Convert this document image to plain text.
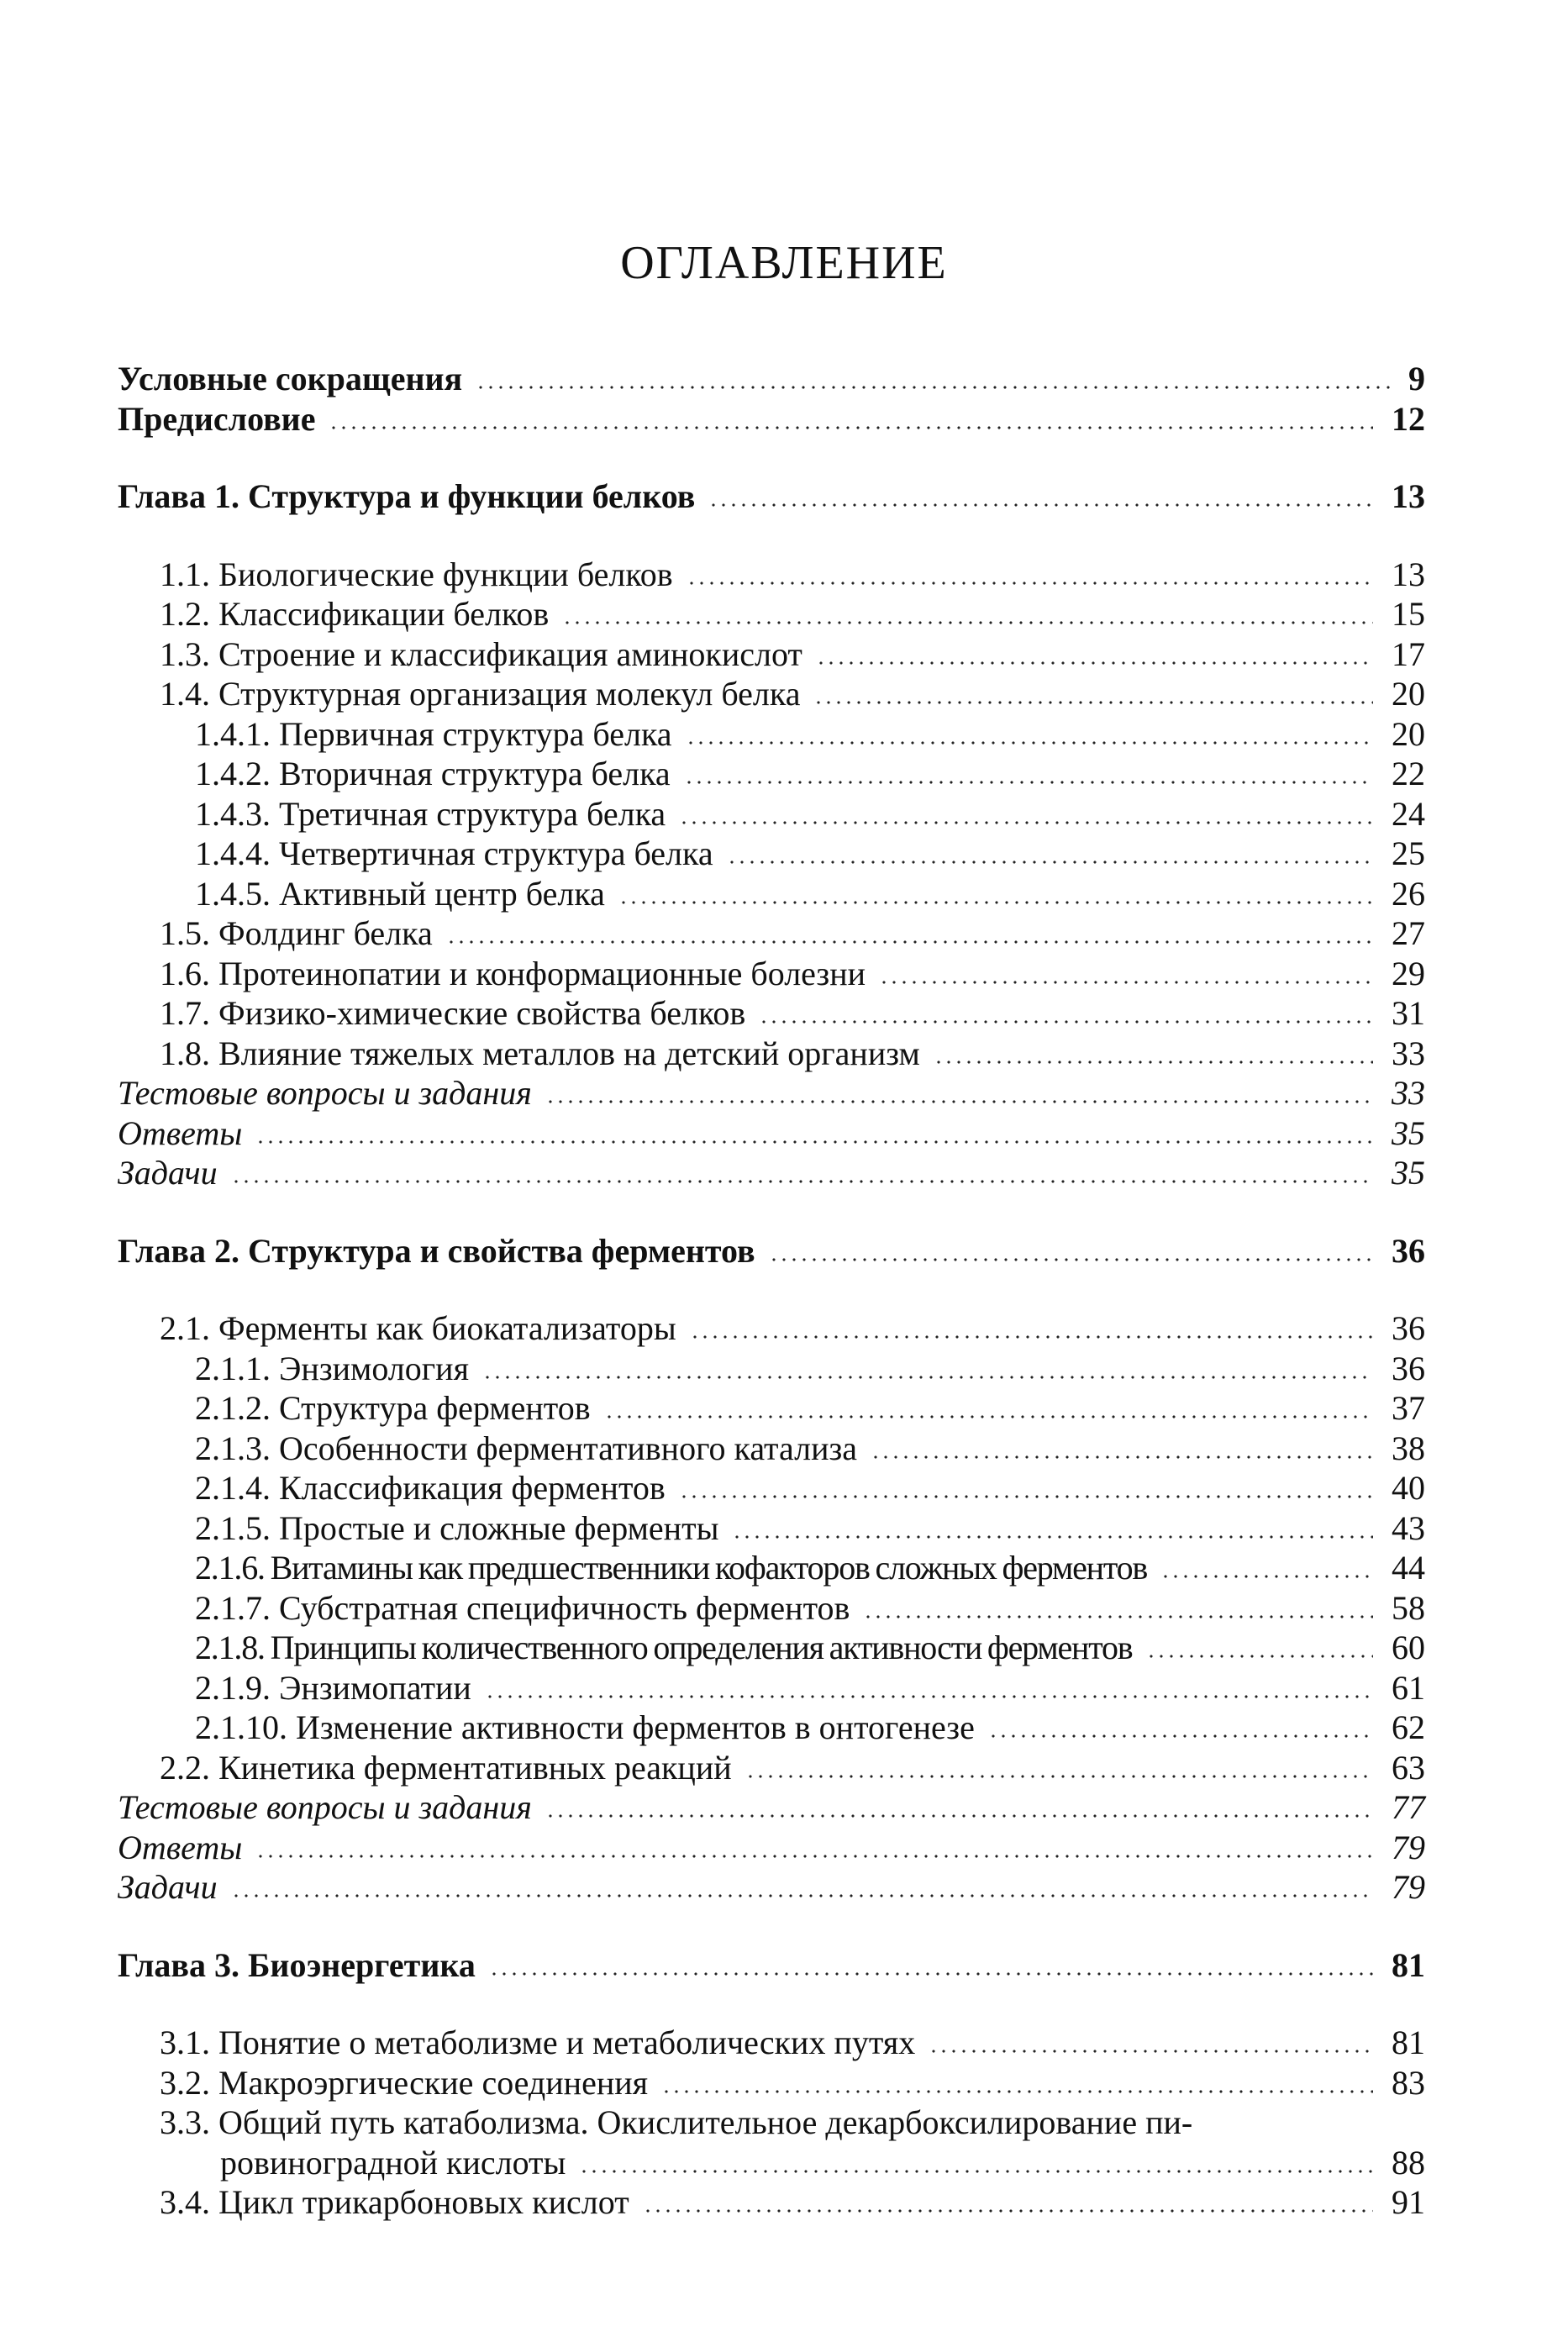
ОГЛАВЛЕНИЕ
Условные сокращения	9
Предисловие	12
Глава 1. Структура и функции белков	13
1.1. Биологические функции белков	13
1.2. Классификации белков	15
1.3. Строение и классификация аминокислот	17
1.4. Структурная организация молекул белка	20
1.4.1. Первичная структура белка	20
1.4.2. Вторичная структура белка	22
1.4.3. Третичная структура белка	24
1.4.4. Четвертичная структура белка	25
1.4.5. Активный центр белка	26
1.5. Фолдинг белка	27
1.6. Протеинопатии и конформационные болезни	29
1.7. Физико-химические свойства белков	31
1.8. Влияние тяжелых металлов на детский организм	33
Тестовые вопросы и задания	33
Ответы	35
Задачи	35
Глава 2. Структура и свойства ферментов	36
2.1. Ферменты как биокатализаторы	36
2.1.1. Энзимология	36
2.1.2. Структура ферментов	37
2.1.3. Особенности ферментативного катализа	38
2.1.4. Классификация ферментов	40
2.1.5. Простые и сложные ферменты	43
2.1.6. Витамины как предшественники кофакторов сложных ферментов	44
2.1.7. Субстратная специфичность ферментов	58
2.1.8. Принципы количественного определения активности ферментов	60
2.1.9. Энзимопатии	61
2.1.10. Изменение активности ферментов в онтогенезе	62
2.2. Кинетика ферментативных реакций	63
Тестовые вопросы и задания	77
Ответы	79
Задачи	79
Глава 3. Биоэнергетика	81
3.1. Понятие о метаболизме и метаболических путях	81
3.2. Макроэргические соединения	83
3.3. Общий путь катаболизма. Окислительное декарбоксилирование пи-
ровиноградной кислоты	88
3.4. Цикл трикарбоновых кислот	91
